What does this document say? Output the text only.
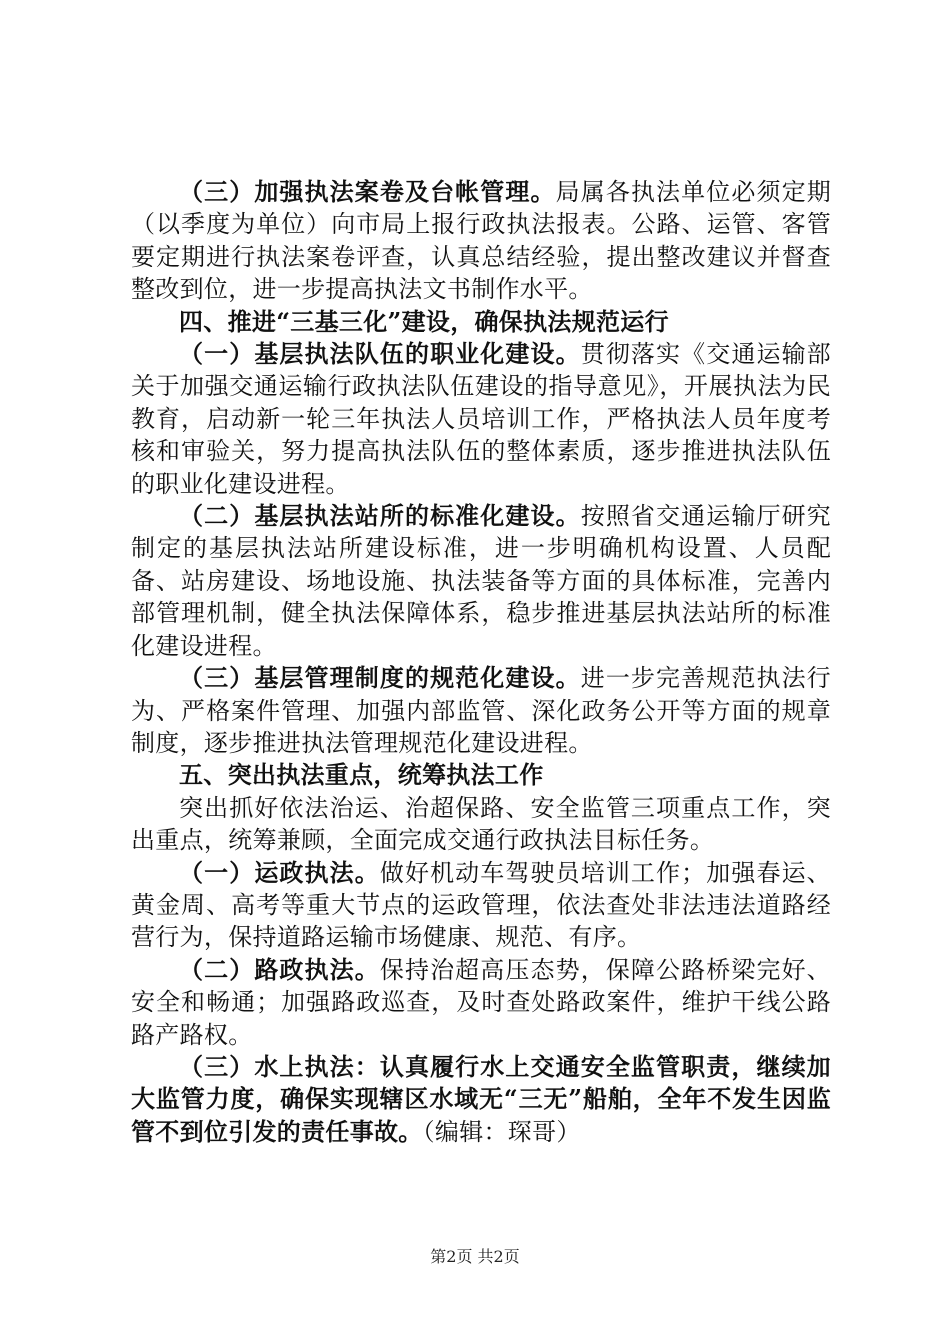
（三）加强执法案卷及台帐管理。局属各执法单位必须定期（以季度为单位）向市局上报行政执法报表。公路、运管、客管要定期进行执法案卷评查，认真总结经验，提出整改建议并督查整改到位，进一步提高执法文书制作水平。

四、推进“三基三化”建设，确保执法规范运行

（一）基层执法队伍的职业化建设。贯彻落实《交通运输部关于加强交通运输行政执法队伍建设的指导意见》，开展执法为民教育，启动新一轮三年执法人员培训工作，严格执法人员年度考核和审验关，努力提高执法队伍的整体素质，逐步推进执法队伍的职业化建设进程。

（二）基层执法站所的标准化建设。按照省交通运输厅研究制定的基层执法站所建设标准，进一步明确机构设置、人员配备、站房建设、场地设施、执法装备等方面的具体标准，完善内部管理机制，健全执法保障体系，稳步推进基层执法站所的标准化建设进程。

（三）基层管理制度的规范化建设。进一步完善规范执法行为、严格案件管理、加强内部监管、深化政务公开等方面的规章制度，逐步推进执法管理规范化建设进程。

五、突出执法重点，统筹执法工作

突出抓好依法治运、治超保路、安全监管三项重点工作，突出重点，统筹兼顾，全面完成交通行政执法目标任务。

（一）运政执法。做好机动车驾驶员培训工作；加强春运、黄金周、高考等重大节点的运政管理，依法查处非法违法道路经营行为，保持道路运输市场健康、规范、有序。

（二）路政执法。保持治超高压态势，保障公路桥梁完好、安全和畅通；加强路政巡查，及时查处路政案件，维护干线公路路产路权。

（三）水上执法：认真履行水上交通安全监管职责，继续加大监管力度，确保实现辖区水域无“三无”船舶，全年不发生因监管不到位引发的责任事故。（编辑：琛哥）

第2页 共2页
